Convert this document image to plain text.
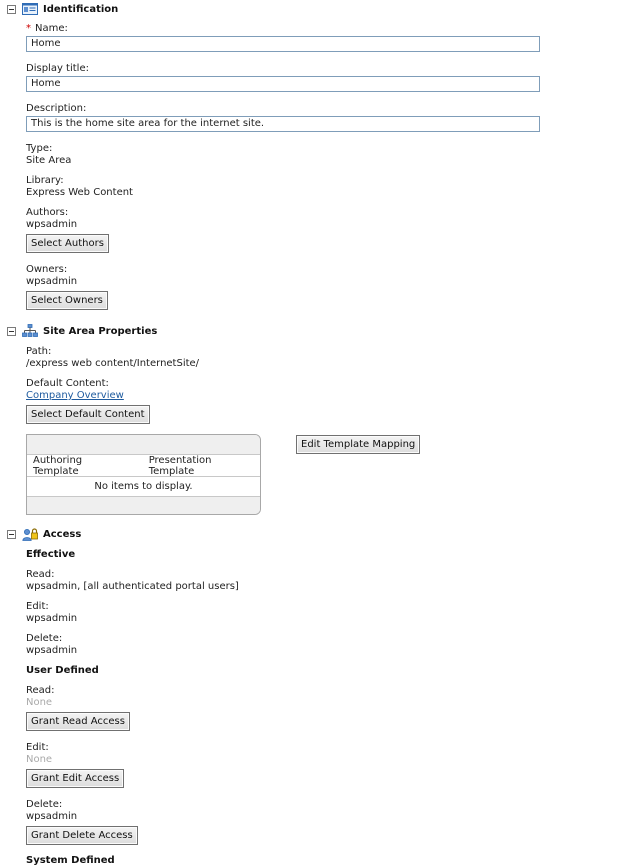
Identification
* Name:
Home
Display title:
Home
Description:
This is the home site area for the internet site.
Type:
Site Area
Library:
Express Web Content
Authors:
wpsadmin
Select Authors
Owners:
wpsadmin
Select Owners
Site Area Properties
Path:
/express web content/InternetSite/
Default Content:
Company Overview
Select Default Content
Authoring Template
Presentation Template
No items to display.
Edit Template Mapping
Access
Effective
Read:
wpsadmin, [all authenticated portal users]
Edit:
wpsadmin
Delete:
wpsadmin
User Defined
Read:
None
Grant Read Access
Edit:
None
Grant Edit Access
Delete:
wpsadmin
Grant Delete Access
System Defined
